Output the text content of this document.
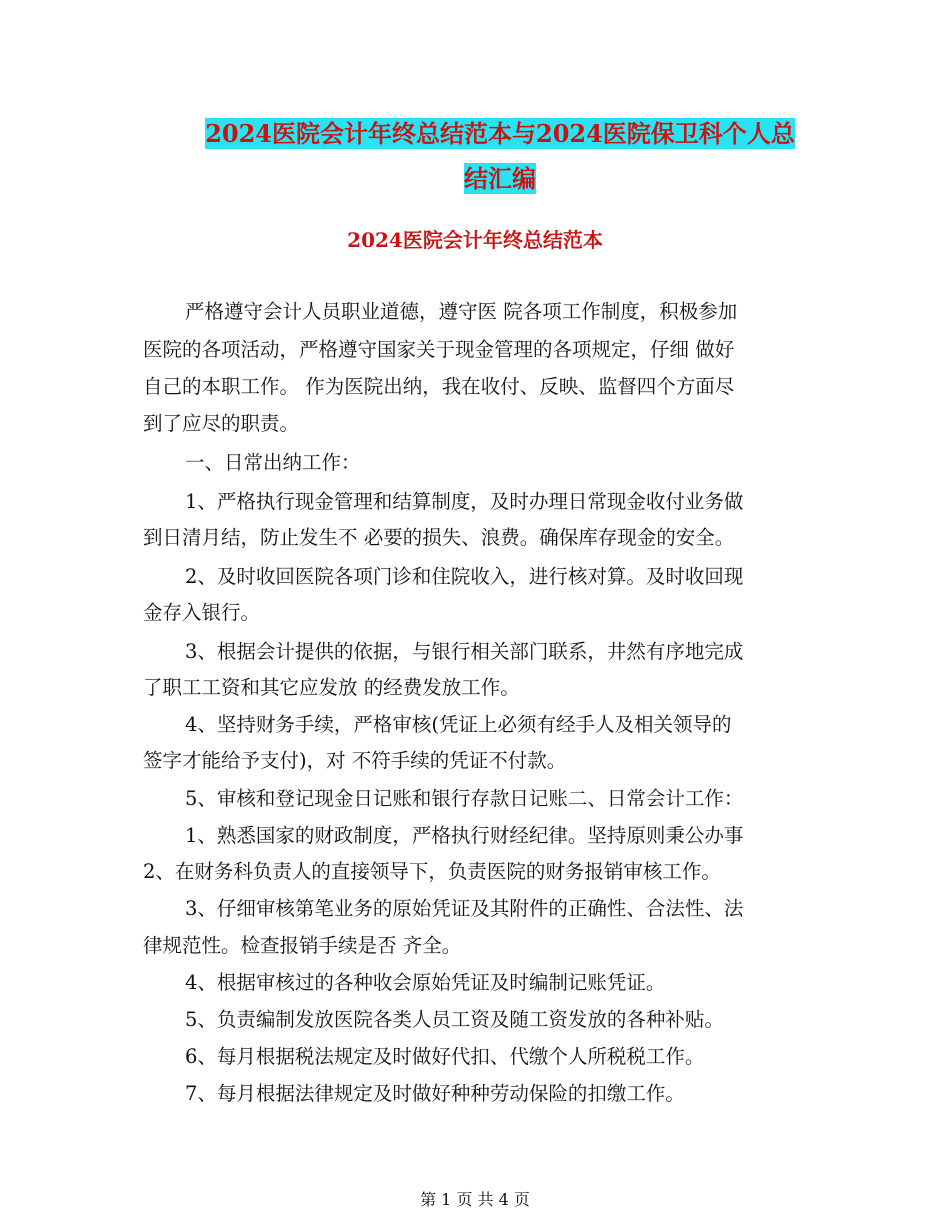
2024医院会计年终总结范本与2024医院保卫科个人总
结汇编
2024医院会计年终总结范本
严格遵守会计人员职业道德，遵守医 院各项工作制度，积极参加
医院的各项活动，严格遵守国家关于现金管理的各项规定，仔细 做好
自己的本职工作。 作为医院出纳，我在收付、反映、监督四个方面尽
到了应尽的职责。
一、日常出纳工作：
1、严格执行现金管理和结算制度，及时办理日常现金收付业务做
到日清月结，防止发生不 必要的损失、浪费。确保库存现金的安全。
2、及时收回医院各项门诊和住院收入，进行核对算。及时收回现
金存入银行。
3、根据会计提供的依据，与银行相关部门联系，井然有序地完成
了职工工资和其它应发放 的经费发放工作。
4、坚持财务手续，严格审核(凭证上必须有经手人及相关领导的
签字才能给予支付)，对 不符手续的凭证不付款。
5、审核和登记现金日记账和银行存款日记账二、日常会计工作：
1、熟悉国家的财政制度，严格执行财经纪律。坚持原则秉公办事
2、在财务科负责人的直接领导下，负责医院的财务报销审核工作。
3、仔细审核第笔业务的原始凭证及其附件的正确性、合法性、法
律规范性。检查报销手续是否 齐全。
4、根据审核过的各种收会原始凭证及时编制记账凭证。
5、负责编制发放医院各类人员工资及随工资发放的各种补贴。
6、每月根据税法规定及时做好代扣、代缴个人所税税工作。
7、每月根据法律规定及时做好种种劳动保险的扣缴工作。
第 1 页 共 4 页
